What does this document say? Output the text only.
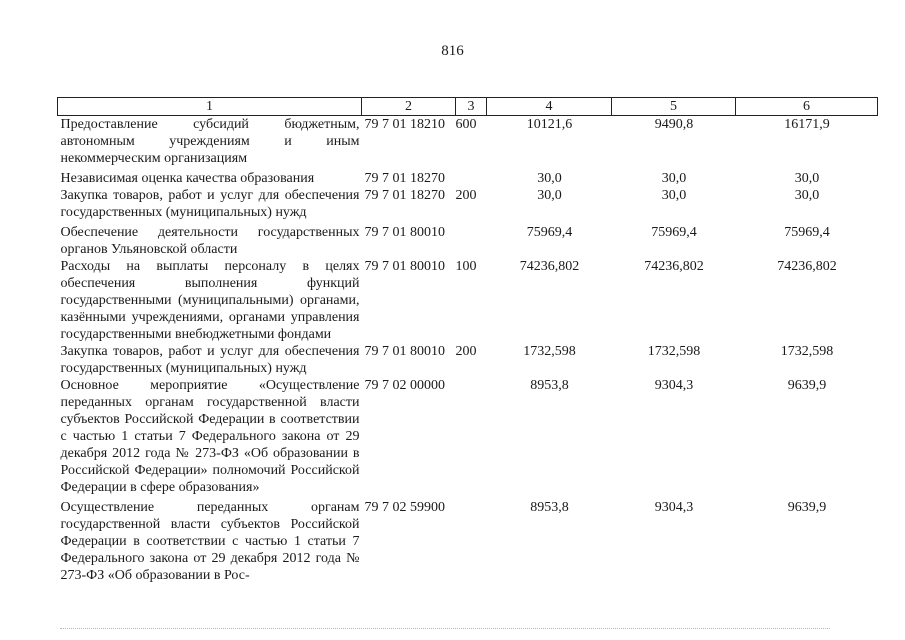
816
1	2	3	4	5	6
Предоставление субсидий бюджетным, автономным учреждениям и иным некоммерческим организациям	79 7 01 18210	600	10121,6	9490,8	16171,9
Независимая оценка качества образования	79 7 01 18270		30,0	30,0	30,0
Закупка товаров, работ и услуг для обеспечения государственных (муниципальных) нужд	79 7 01 18270	200	30,0	30,0	30,0
Обеспечение деятельности государственных органов Ульяновской области	79 7 01 80010		75969,4	75969,4	75969,4
Расходы на выплаты персоналу в целях обеспечения выполнения функций государственными (муниципальными) органами, казёнными учреждениями, органами управления государственными внебюджетными фондами	79 7 01 80010	100	74236,802	74236,802	74236,802
Закупка товаров, работ и услуг для обеспечения государственных (муниципальных) нужд	79 7 01 80010	200	1732,598	1732,598	1732,598
Основное мероприятие «Осуществление переданных органам государственной власти субъектов Российской Федерации в соответствии с частью 1 статьи 7 Федерального закона от 29 декабря 2012 года № 273-ФЗ «Об образовании в Российской Федерации» полномочий Российской Федерации в сфере образования»	79 7 02 00000		8953,8	9304,3	9639,9
Осуществление переданных органам государственной власти субъектов Российской Федерации в соответствии с частью 1 статьи 7 Федерального закона от 29 декабря 2012 года № 273-ФЗ «Об образовании в Рос-	79 7 02 59900		8953,8	9304,3	9639,9
